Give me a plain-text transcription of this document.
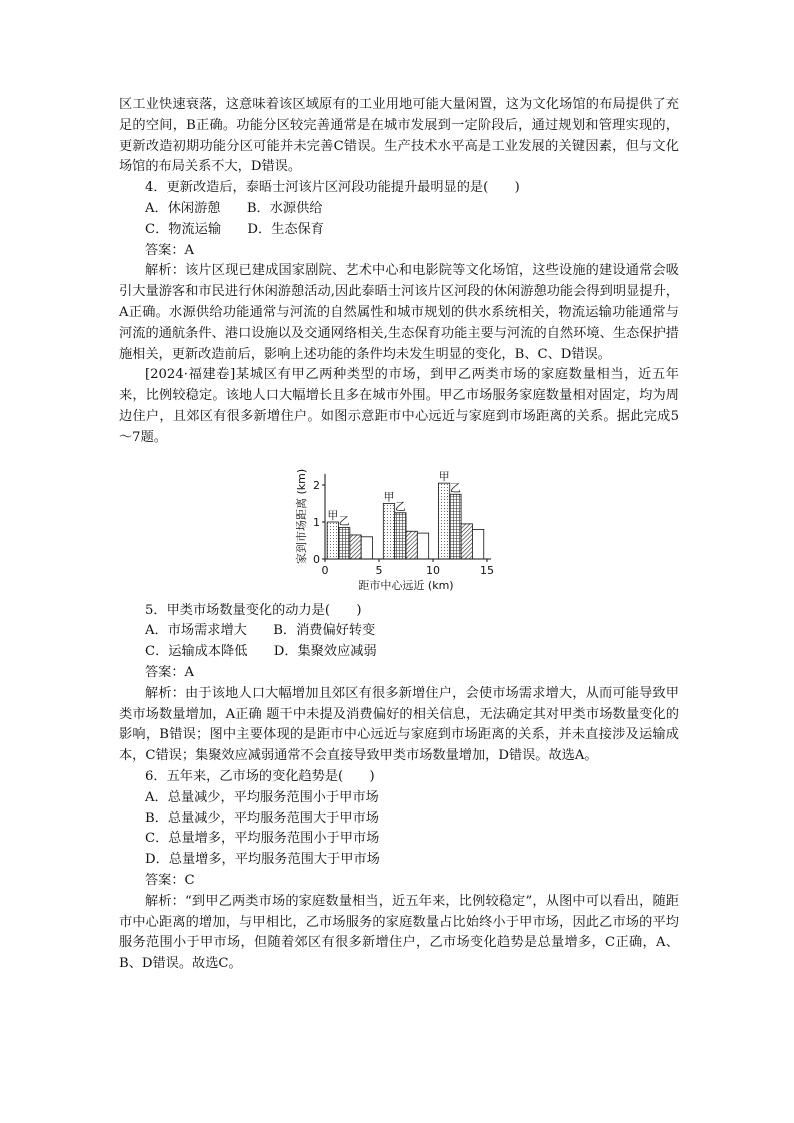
区工业快速衰落，这意味着该区域原有的工业用地可能大量闲置，这为文化场馆的布局提供了充足的空间，B正确。功能分区较完善通常是在城市发展到一定阶段后，通过规划和管理实现的，更新改造初期功能分区可能并未完善C错误。生产技术水平高是工业发展的关键因素，但与文化场馆的布局关系不大，D错误。

4．更新改造后，泰晤士河该片区河段功能提升最明显的是(　　)

A．休闲游憩　　B．水源供给

C．物流运输　　D．生态保育

答案：A

解析：该片区现已建成国家剧院、艺术中心和电影院等文化场馆，这些设施的建设通常会吸引大量游客和市民进行休闲游憩活动,因此泰晤士河该片区河段的休闲游憩功能会得到明显提升，A正确。水源供给功能通常与河流的自然属性和城市规划的供水系统相关，物流运输功能通常与河流的通航条件、港口设施以及交通网络相关,生态保育功能主要与河流的自然环境、生态保护措施相关，更新改造前后，影响上述功能的条件均未发生明显的变化，B、C、D错误。

[2024·福建卷]某城区有甲乙两种类型的市场，到甲乙两类市场的家庭数量相当，近五年来，比例较稳定。该地人口大幅增长且多在城市外围。甲乙市场服务家庭数量相对固定，均为周边住户，且郊区有很多新增住户。如图示意距市中心远近与家庭到市场距离的关系。据此完成5～7题。

甲 乙
甲
乙
甲
乙
0
1
2
0	5	10	15
家到市场距离 (km)
距市中心远近 (km)

5．甲类市场数量变化的动力是(　　)

A．市场需求增大　　B．消费偏好转变

C．运输成本降低　　D．集聚效应减弱

答案：A

解析：由于该地人口大幅增加且郊区有很多新增住户，会使市场需求增大，从而可能导致甲类市场数量增加，A正确 题干中未提及消费偏好的相关信息，无法确定其对甲类市场数量变化的影响，B错误；图中主要体现的是距市中心远近与家庭到市场距离的关系，并未直接涉及运输成本，C错误；集聚效应减弱通常不会直接导致甲类市场数量增加，D错误。故选A。

6．五年来，乙市场的变化趋势是(　　)

A．总量减少，平均服务范围小于甲市场

B．总量减少，平均服务范围大于甲市场

C．总量增多，平均服务范围小于甲市场

D．总量增多，平均服务范围大于甲市场

答案：C

解析：“到甲乙两类市场的家庭数量相当，近五年来，比例较稳定”，从图中可以看出，随距市中心距离的增加，与甲相比，乙市场服务的家庭数量占比始终小于甲市场，因此乙市场的平均服务范围小于甲市场，但随着郊区有很多新增住户，乙市场变化趋势是总量增多，C正确，A、B、D错误。故选C。
